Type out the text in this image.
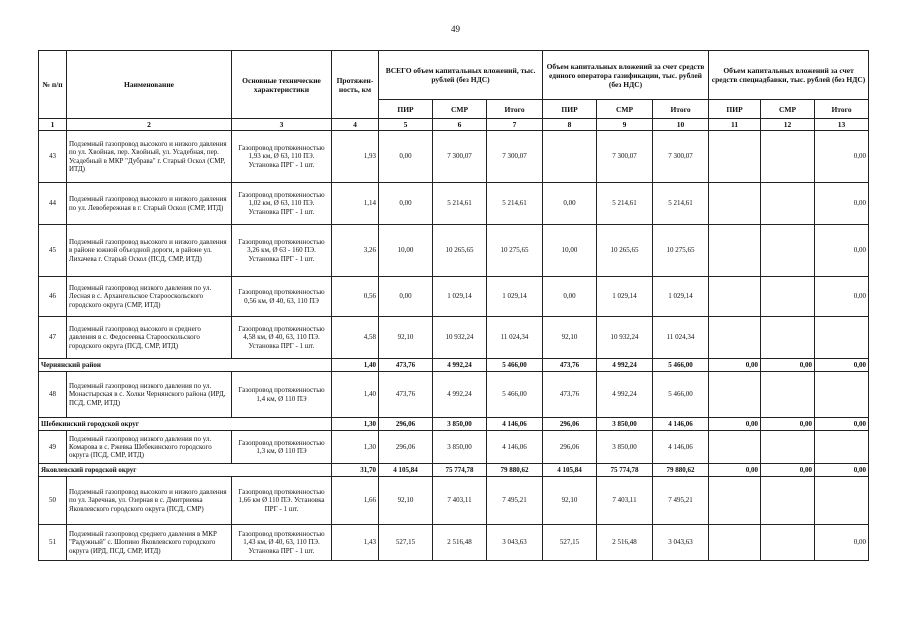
49
№ п/п	Наименование	Основные технические характеристики	Протяжен-ность, км	ВСЕГО объем капитальных вложений, тыс. рублей (без НДС)			Объем капитальных вложений за счет средств единого оператора газификации, тыс. рублей (без НДС)			Объем капитальных вложений за счет средств спецнадбавки, тыс. рублей (без НДС)		
				ПИР	СМР	Итого	ПИР	СМР	Итого	ПИР	СМР	Итого
1	2	3	4	5	6	7	8	9	10	11	12	13
43	Подземный газопровод высокого и низкого давления по ул. Хвойная, пер. Хвойный, ул. Усадебная, пер. Усадебный в МКР "Дубрава" г. Старый Оскол (СМР, ИТД)	Газопровод протяженностью 1,93 км, Ø 63, 110 ПЭ. Установка ПРГ - 1 шт.	1,93	0,00	7 300,07	7 300,07		7 300,07	7 300,07			0,00
44	Подземный газопровод высокого и низкого давления по ул. Левобережная в г. Старый Оскол (СМР, ИТД)	Газопровод протяженностью 1,02 км, Ø 63, 110 ПЭ. Установка ПРГ - 1 шт.	1,14	0,00	5 214,61	5 214,61	0,00	5 214,61	5 214,61			0,00
45	Подземный газопровод высокого и низкого давления в районе южной объездной дороги, в районе ул. Лихачева г. Старый Оскол (ПСД, СМР, ИТД)	Газопровод протяженностью 3,26 км, Ø 63 - 160 ПЭ. Установка ПРГ - 1 шт.	3,26	10,00	10 265,65	10 275,65	10,00	10 265,65	10 275,65			0,00
46	Подземный газопровод низкого давления по ул. Лесная в с. Архангельское Старооскольского городского округа (СМР, ИТД)	Газопровод протяженностью 0,56 км, Ø 40, 63, 110 ПЭ	0,56	0,00	1 029,14	1 029,14	0,00	1 029,14	1 029,14			0,00
47	Подземный газопровод высокого и среднего давления в с. Федосеевка Старооскольского городского округа (ПСД, СМР, ИТД)	Газопровод протяженностью 4,58 км, Ø 40, 63, 110 ПЭ. Установка ПРГ - 1 шт.	4,58	92,10	10 932,24	11 024,34	92,10	10 932,24	11 024,34			
Чернянский район			1,40	473,76	4 992,24	5 466,00	473,76	4 992,24	5 466,00	0,00	0,00	0,00
48	Подземный газопровод низкого давления по ул. Монастырская в с. Холки Чернянского района (ИРД, ПСД, СМР, ИТД)	Газопровод протяженностью 1,4 км, Ø 110 ПЭ	1,40	473,76	4 992,24	5 466,00	473,76	4 992,24	5 466,00			
Шебекинский городской округ			1,30	296,06	3 850,00	4 146,06	296,06	3 850,00	4 146,06	0,00	0,00	0,00
49	Подземный газопровод низкого давления по ул. Комарова в с. Ржевка Шебекинского городского округа (ПСД, СМР, ИТД)	Газопровод протяженностью 1,3 км, Ø 110 ПЭ	1,30	296,06	3 850,00	4 146,06	296,06	3 850,00	4 146,06			
Яковлевский городской округ			31,70	4 105,84	75 774,78	79 880,62	4 105,84	75 774,78	79 880,62	0,00	0,00	0,00
50	Подземный газопровод высокого и низкого давления по ул. Заречная, ул. Озерная в с. Дмитриевка Яковлевского городского округа (ПСД, СМР)	Газопровод протяженностью 1,66 км Ø 110 ПЭ. Установка ПРГ - 1 шт.	1,66	92,10	7 403,11	7 495,21	92,10	7 403,11	7 495,21			
51	Подземный газопровод среднего давления в МКР "Радужный" с. Шопино Яковлевского городского округа (ИРД, ПСД, СМР, ИТД)	Газопровод протяженностью 1,43 км, Ø 40, 63, 110 ПЭ. Установка ПРГ - 1 шт.	1,43	527,15	2 516,48	3 043,63	527,15	2 516,48	3 043,63			0,00
